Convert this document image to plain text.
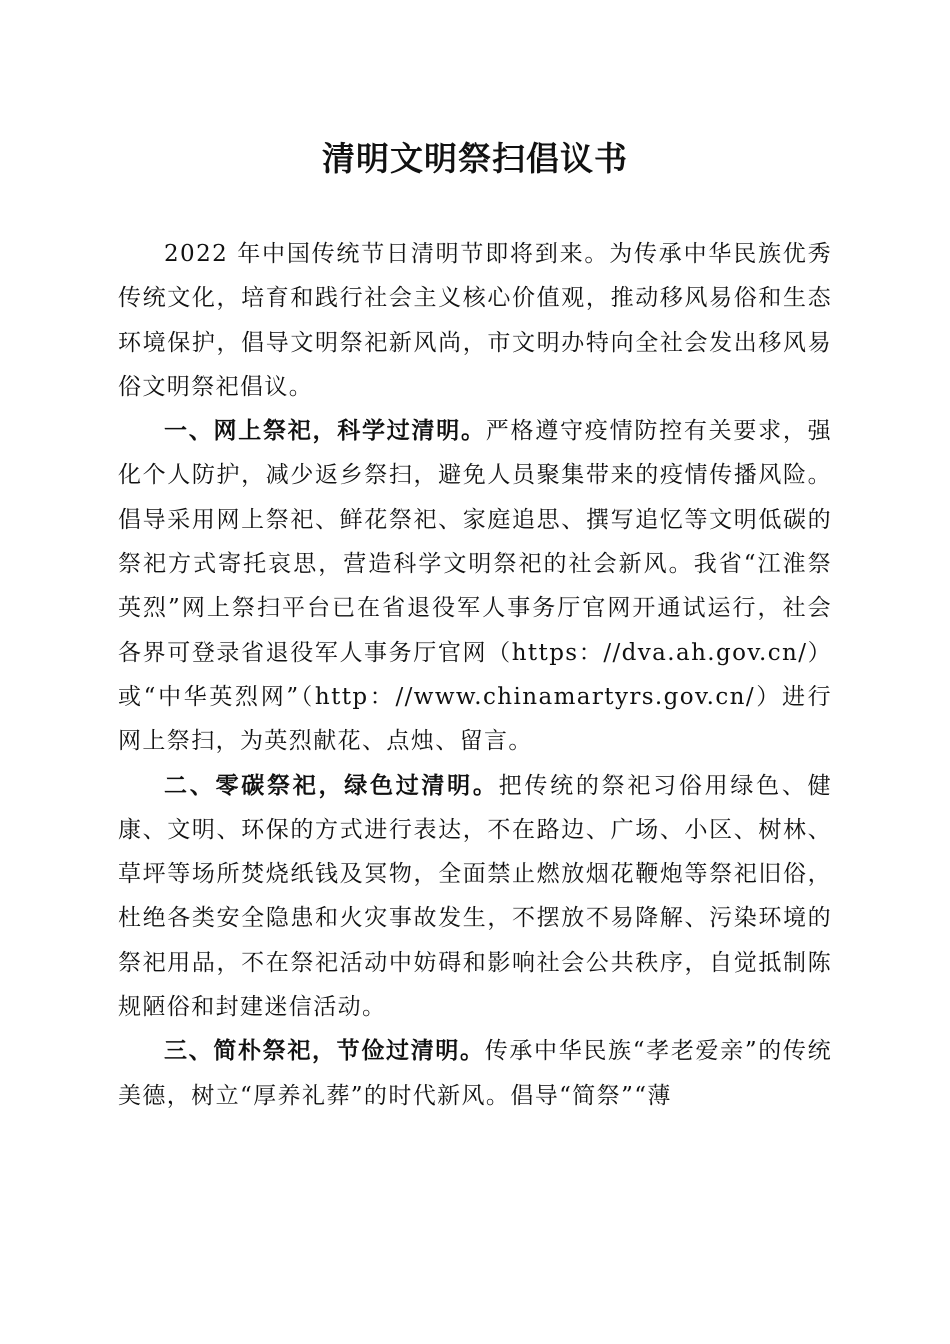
清明文明祭扫倡议书

2022 年中国传统节日清明节即将到来。为传承中华民族优秀传统文化，培育和践行社会主义核心价值观，推动移风易俗和生态环境保护，倡导文明祭祀新风尚，市文明办特向全社会发出移风易俗文明祭祀倡议。

一、网上祭祀，科学过清明。严格遵守疫情防控有关要求，强化个人防护，减少返乡祭扫，避免人员聚集带来的疫情传播风险。倡导采用网上祭祀、鲜花祭祀、家庭追思、撰写追忆等文明低碳的祭祀方式寄托哀思，营造科学文明祭祀的社会新风。我省“江淮祭英烈”网上祭扫平台已在省退役军人事务厅官网开通试运行，社会各界可登录省退役军人事务厅官网（https：//dva.ah.gov.cn/）或“中华英烈网”（http：//www.chinamartyrs.gov.cn/）进行网上祭扫，为英烈献花、点烛、留言。

二、零碳祭祀，绿色过清明。把传统的祭祀习俗用绿色、健康、文明、环保的方式进行表达，不在路边、广场、小区、树林、草坪等场所焚烧纸钱及冥物，全面禁止燃放烟花鞭炮等祭祀旧俗，杜绝各类安全隐患和火灾事故发生，不摆放不易降解、污染环境的祭祀用品，不在祭祀活动中妨碍和影响社会公共秩序，自觉抵制陈规陋俗和封建迷信活动。

三、简朴祭祀，节俭过清明。传承中华民族“孝老爱亲”的传统美德，树立“厚养礼葬”的时代新风。倡导“简祭”“薄
